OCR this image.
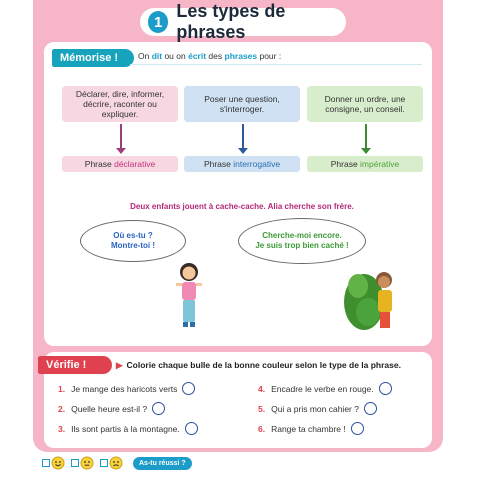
1
Les types de phrases
Mémorise !	On dit ou on écrit des phrases pour :
Déclarer, dire, informer, décrire, raconter ou expliquer.
Poser une question, s'interroger.
Donner un ordre, une consigne, un conseil.
Phrase
déclarative	Phrase
interrogative	Phrase
impérative
Deux enfants jouent à cache-cache. Alia cherche son frère.
Où es-tu ?
Montre-toi !
Cherche-moi encore.
Je suis trop bien caché !
Vérifie !	▶ Colorie chaque bulle de la bonne couleur selon le type de la phrase.
1. Je mange des haricots verts
2. Quelle heure est-il ?
3. Ils sont partis à la montagne.
4. Encadre le verbe en rouge.
5. Qui a pris mon cahier ?
6. Range ta chambre !
As-tu réussi ?
